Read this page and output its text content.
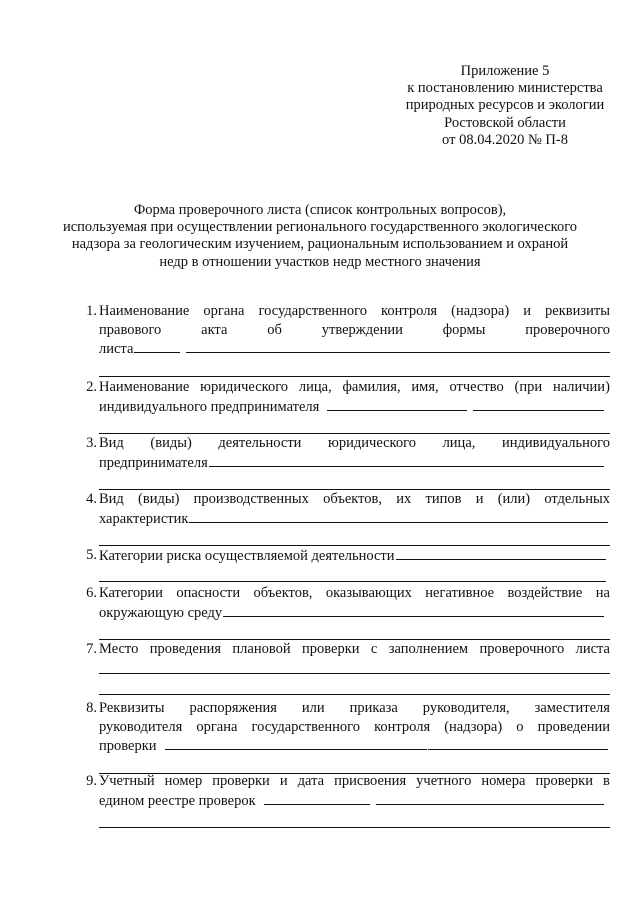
Приложение 5
к постановлению министерства
природных ресурсов и экологии
Ростовской области
от 08.04.2020 № П-8
Форма проверочного листа (список контрольных вопросов),
используемая при осуществлении регионального государственного экологического
надзора за геологическим изучением, рациональным использованием и охраной
недр в отношении участков недр местного значения
1. Наименование органа государственного контроля (надзора) и реквизиты
правового	акта	об	утверждении	формы	проверочного
листа
2. Наименование юридического лица, фамилия, имя, отчество (при наличии)
индивидуального предпринимателя
3. Вид (виды) деятельности юридического лица, индивидуального
предпринимателя
4. Вид (виды) производственных объектов, их типов и (или) отдельных
характеристик
5. Категории риска осуществляемой деятельности
6. Категории опасности объектов, оказывающих негативное воздействие на
окружающую среду
7. Место проведения плановой проверки с заполнением проверочного листа
8. Реквизиты распоряжения или приказа руководителя, заместителя
руководителя органа государственного контроля (надзора) о проведении
проверки
9. Учетный номер проверки и дата присвоения учетного номера проверки в
едином реестре проверок
